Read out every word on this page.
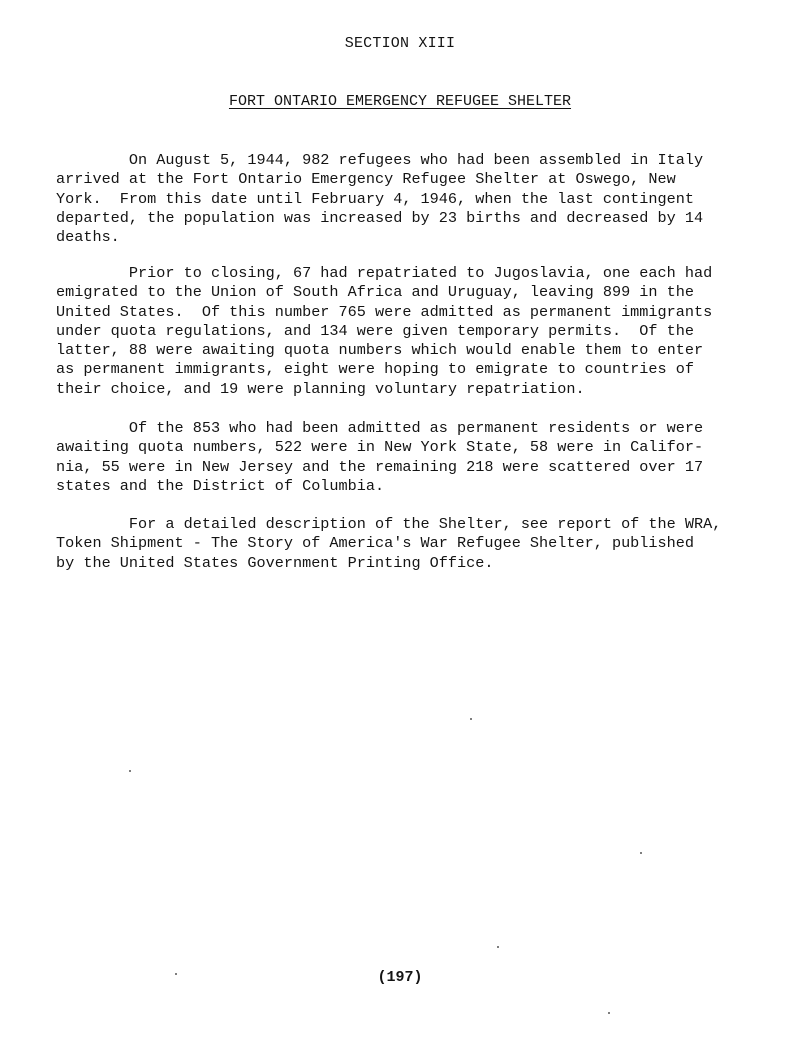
SECTION XIII
FORT ONTARIO EMERGENCY REFUGEE SHELTER
On August 5, 1944, 982 refugees who had been assembled in Italy
arrived at the Fort Ontario Emergency Refugee Shelter at Oswego, New
York.  From this date until February 4, 1946, when the last contingent
departed, the population was increased by 23 births and decreased by 14
deaths.
Prior to closing, 67 had repatriated to Jugoslavia, one each had
emigrated to the Union of South Africa and Uruguay, leaving 899 in the
United States.  Of this number 765 were admitted as permanent immigrants
under quota regulations, and 134 were given temporary permits.  Of the
latter, 88 were awaiting quota numbers which would enable them to enter
as permanent immigrants, eight were hoping to emigrate to countries of
their choice, and 19 were planning voluntary repatriation.
Of the 853 who had been admitted as permanent residents or were
awaiting quota numbers, 522 were in New York State, 58 were in Califor-
nia, 55 were in New Jersey and the remaining 218 were scattered over 17
states and the District of Columbia.
For a detailed description of the Shelter, see report of the WRA,
Token Shipment - The Story of America's War Refugee Shelter, published
by the United States Government Printing Office.
(197)
